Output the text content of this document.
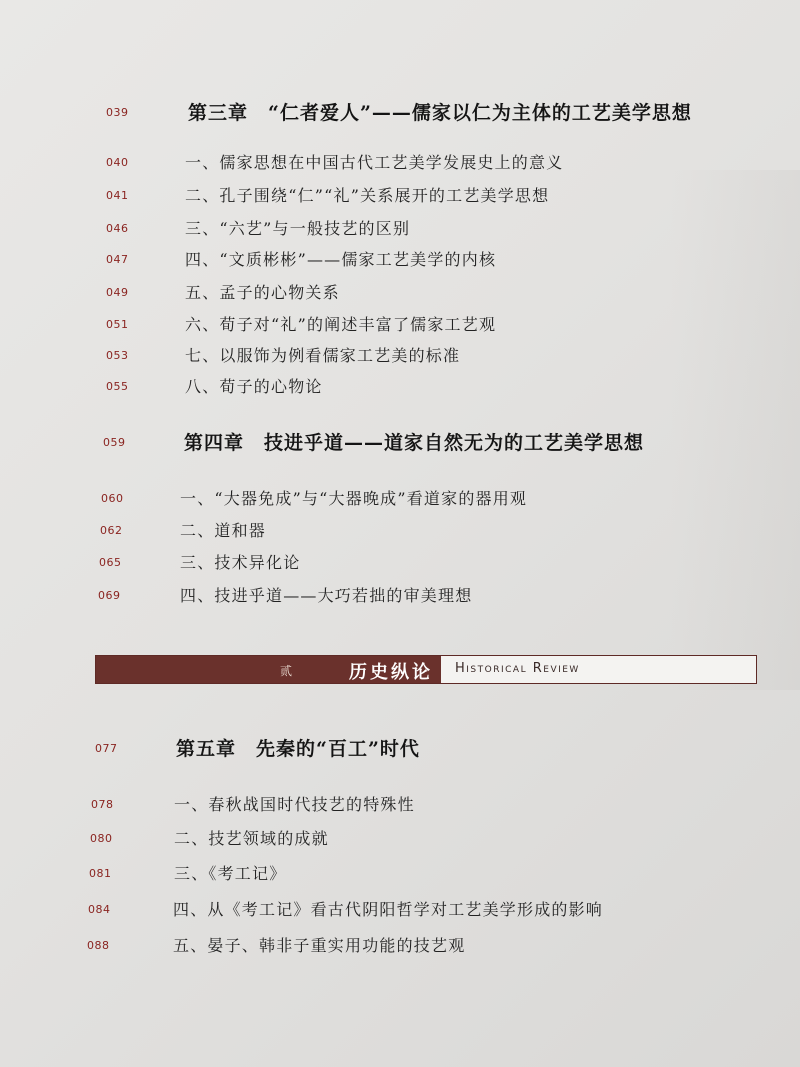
039	第三章 “仁者爱人”——儒家以仁为主体的工艺美学思想
040	一、儒家思想在中国古代工艺美学发展史上的意义
041	二、孔子围绕“仁”“礼”关系展开的工艺美学思想
046	三、“六艺”与一般技艺的区别
047	四、“文质彬彬”——儒家工艺美学的内核
049	五、孟子的心物关系
051	六、荀子对“礼”的阐述丰富了儒家工艺观
053	七、以服饰为例看儒家工艺美的标准
055	八、荀子的心物论
059	第四章 技进乎道——道家自然无为的工艺美学思想
060	一、“大器免成”与“大器晚成”看道家的器用观
062	二、道和器
065	三、技术异化论
069	四、技进乎道——大巧若拙的审美理想
贰	历史纵论 Historical Review
077	第五章 先秦的“百工”时代
078	一、春秋战国时代技艺的特殊性
080	二、技艺领域的成就
081	三、《考工记》
084	四、从《考工记》看古代阴阳哲学对工艺美学形成的影响
088	五、晏子、韩非子重实用功能的技艺观
